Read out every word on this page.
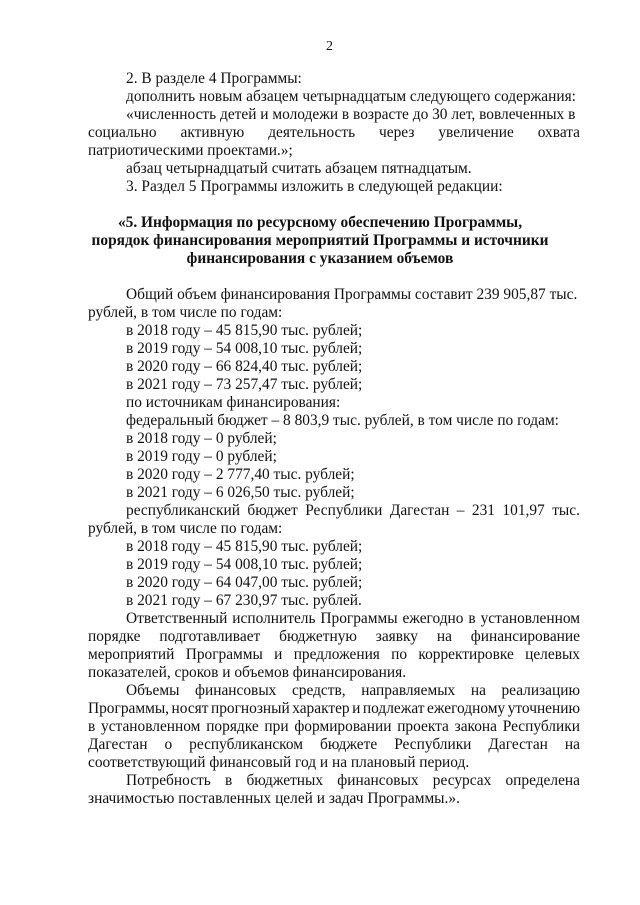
2
2. В разделе 4 Программы:
дополнить новым абзацем четырнадцатым следующего содержания:
«численность детей и молодежи в возрасте до 30 лет, вовлеченных в
социально активную деятельность через увеличение охвата
патриотическими проектами.»;
абзац четырнадцатый считать абзацем пятнадцатым.
3. Раздел 5 Программы изложить в следующей редакции:
«5. Информация по ресурсному обеспечению Программы,
порядок финансирования мероприятий Программы и источники
финансирования с указанием объемов
Общий объем финансирования Программы составит 239 905,87 тыс.
рублей, в том числе по годам:
в 2018 году – 45 815,90 тыс. рублей;
в 2019 году – 54 008,10 тыс. рублей;
в 2020 году – 66 824,40 тыс. рублей;
в 2021 году – 73 257,47 тыс. рублей;
по источникам финансирования:
федеральный бюджет – 8 803,9 тыс. рублей, в том числе по годам:
в 2018 году – 0 рублей;
в 2019 году – 0 рублей;
в 2020 году – 2 777,40 тыс. рублей;
в 2021 году – 6 026,50 тыс. рублей;
республиканский бюджет Республики Дагестан – 231 101,97 тыс.
рублей, в том числе по годам:
в 2018 году – 45 815,90 тыс. рублей;
в 2019 году – 54 008,10 тыс. рублей;
в 2020 году – 64 047,00 тыс. рублей;
в 2021 году – 67 230,97 тыс. рублей.
Ответственный исполнитель Программы ежегодно в установленном
порядке подготавливает бюджетную заявку на финансирование
мероприятий Программы и предложения по корректировке целевых
показателей, сроков и объемов финансирования.
Объемы финансовых средств, направляемых на реализацию
Программы, носят прогнозный характер и подлежат ежегодному уточнению
в установленном порядке при формировании проекта закона Республики
Дагестан о республиканском бюджете Республики Дагестан на
соответствующий финансовый год и на плановый период.
Потребность в бюджетных финансовых ресурсах определена
значимостью поставленных целей и задач Программы.».
